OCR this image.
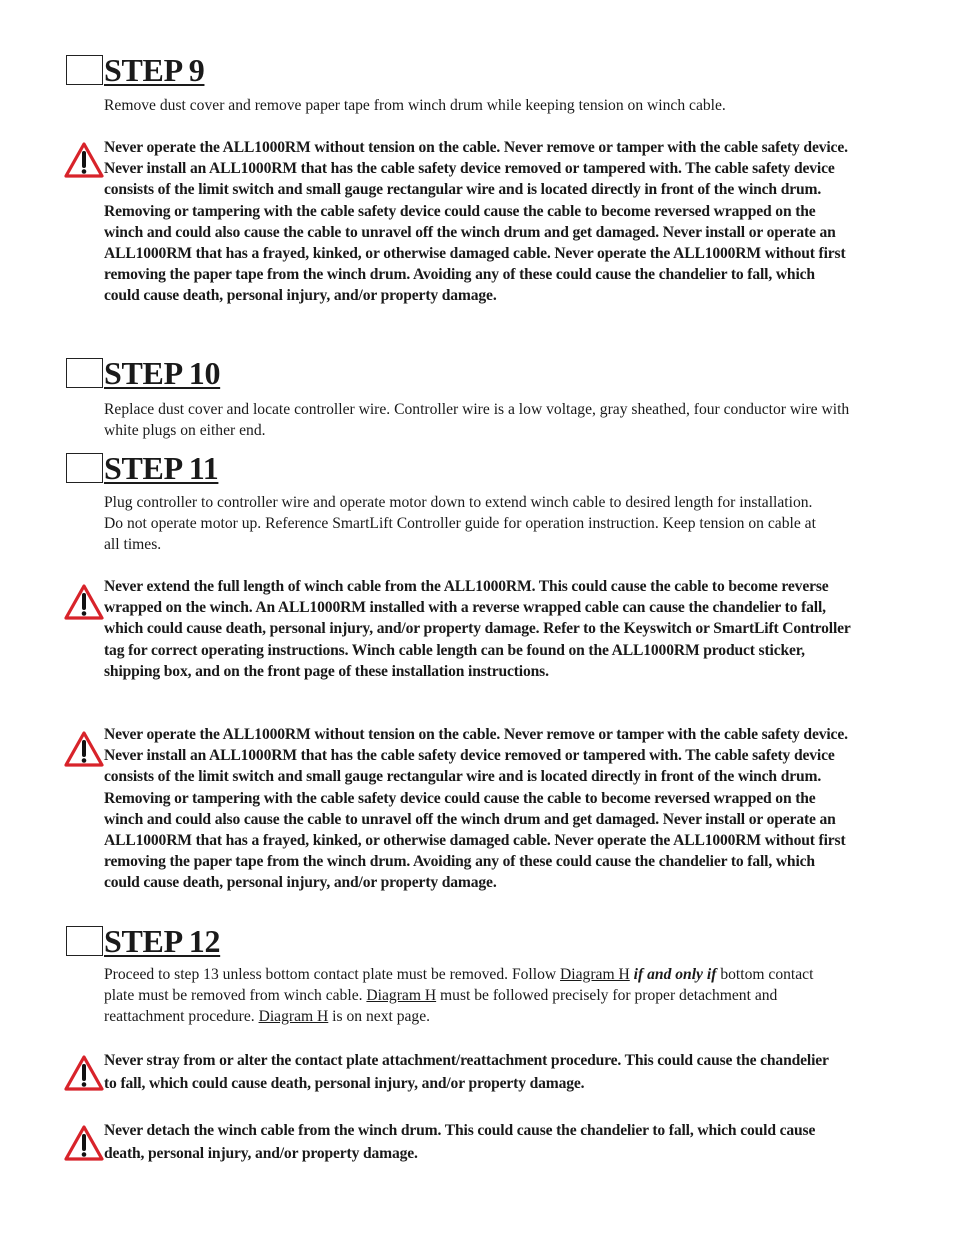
STEP 9

Remove dust cover and remove paper tape from winch drum while keeping tension on winch cable.

Never operate the ALL1000RM without tension on the cable. Never remove or tamper with the cable safety device. Never install an ALL1000RM that has the cable safety device removed or tampered with. The cable safety device consists of the limit switch and small gauge rectangular wire and is located directly in front of the winch drum. Removing or tampering with the cable safety device could cause the cable to become reversed wrapped on the winch and could also cause the cable to unravel off the winch drum and get damaged. Never install or operate an ALL1000RM that has a frayed, kinked, or otherwise damaged cable. Never operate the ALL1000RM without first removing the paper tape from the winch drum. Avoiding any of these could cause the chandelier to fall, which could cause death, personal injury, and/or property damage.

STEP 10

Replace dust cover and locate controller wire. Controller wire is a low voltage, gray sheathed, four conductor wire with white plugs on either end.

STEP 11

Plug controller to controller wire and operate motor down to extend winch cable to desired length for installation. Do not operate motor up. Reference SmartLift Controller guide for operation instruction. Keep tension on cable at all times.

Never extend the full length of winch cable from the ALL1000RM. This could cause the cable to become reverse wrapped on the winch. An ALL1000RM installed with a reverse wrapped cable can cause the chandelier to fall, which could cause death, personal injury, and/or property damage. Refer to the Keyswitch or SmartLift Controller tag for correct operating instructions. Winch cable length can be found on the ALL1000RM product sticker, shipping box, and on the front page of these installation instructions.

Never operate the ALL1000RM without tension on the cable. Never remove or tamper with the cable safety device. Never install an ALL1000RM that has the cable safety device removed or tampered with. The cable safety device consists of the limit switch and small gauge rectangular wire and is located directly in front of the winch drum. Removing or tampering with the cable safety device could cause the cable to become reversed wrapped on the winch and could also cause the cable to unravel off the winch drum and get damaged. Never install or operate an ALL1000RM that has a frayed, kinked, or otherwise damaged cable. Never operate the ALL1000RM without first removing the paper tape from the winch drum. Avoiding any of these could cause the chandelier to fall, which could cause death, personal injury, and/or property damage.

STEP 12

Proceed to step 13 unless bottom contact plate must be removed. Follow Diagram H if and only if bottom contact plate must be removed from winch cable. Diagram H must be followed precisely for proper detachment and reattachment procedure. Diagram H is on next page.

Never stray from or alter the contact plate attachment/reattachment procedure. This could cause the chandelier to fall, which could cause death, personal injury, and/or property damage.

Never detach the winch cable from the winch drum. This could cause the chandelier to fall, which could cause death, personal injury, and/or property damage.
